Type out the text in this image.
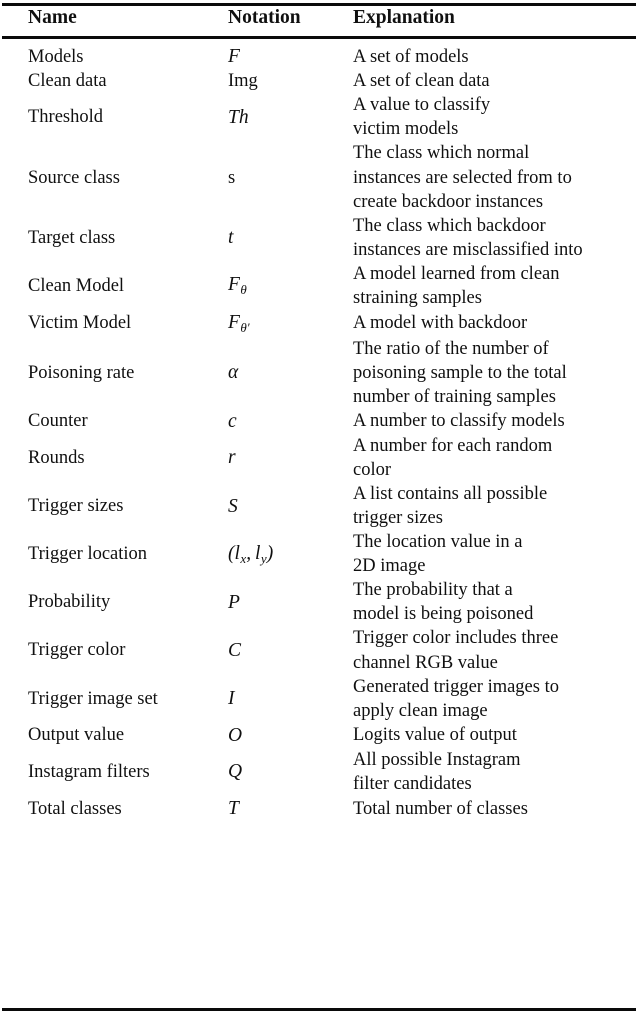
Name	Notation	Explanation
Models	F	A set of models

Clean data	Img	A set of clean data

Threshold	Th	A value to classify
victim models

Source class	s	The class which normal
instances are selected from to
create backdoor instances

Target class	t	The class which backdoor
instances are misclassified into

Clean Model	$F_\theta$	A model learned from clean
straining samples

Victim Model	$F_{\theta'}$	A model with backdoor

Poisoning rate	α	The ratio of the number of
poisoning sample to the total
number of training samples

Counter	c	A number to classify models

Rounds	r	A number for each random
color

Trigger sizes	S	A list contains all possible
trigger sizes

Trigger location	($l_x$, $l_y$)	The location value in a
2D image

Probability	P	The probability that a
model is being poisoned

Trigger color	C	Trigger color includes three
channel RGB value

Trigger image set	I	Generated trigger images to
apply clean image

Output value	O	Logits value of output

Instagram filters	Q	All possible Instagram
filter candidates

Total classes	T	Total number of classes
